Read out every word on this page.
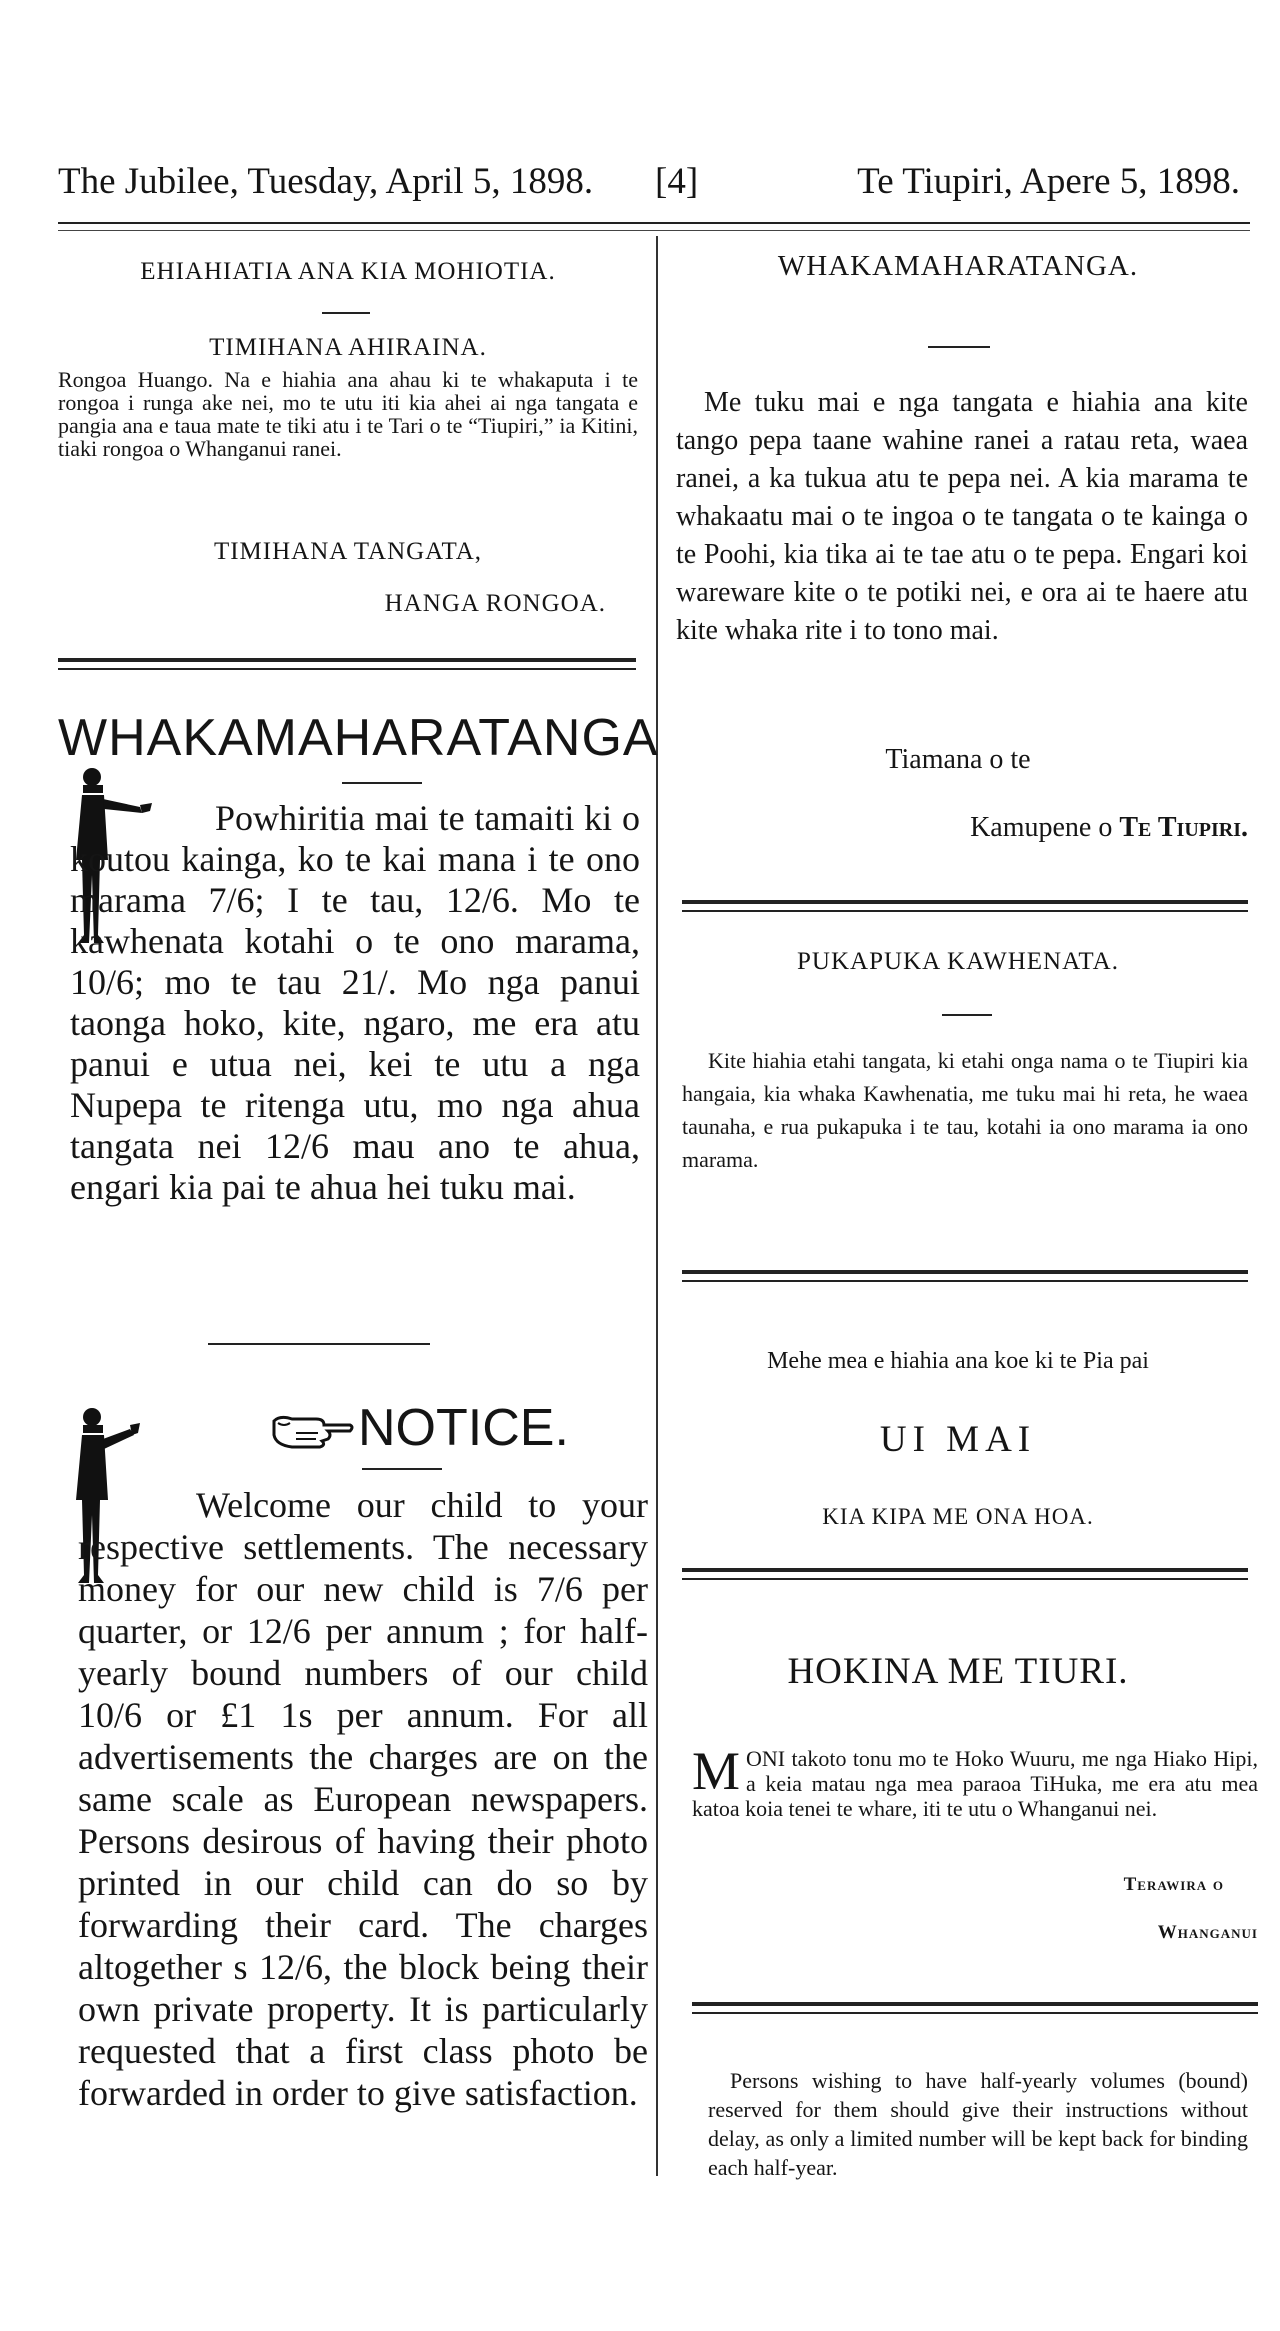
The Jubilee, Tuesday, April 5, 1898. [4]	Te Tiupiri, Apere 5, 1898.
EHIAHIATIA ANA KIA MOHIOTIA.
TIMIHANA AHIRAINA.
Rongoa Huango. Na e hiahia ana ahau ki te whakaputa i te rongoa i runga ake nei, mo te utu iti kia ahei ai nga tangata e pangia ana e taua mate te tiki atu i te Tari o te “Tiupiri,” ia Kitini, tiaki rongoa o Whanganui ranei.
TIMIHANA TANGATA,
HANGA RONGOA.
WHAKAMAHARATANGA
Powhiritia mai te tamaiti ki o koutou kainga, ko te kai mana i te ono marama 7/6; I te tau, 12/6. Mo te kawhenata kotahi o te ono marama, 10/6; mo te tau 21/. Mo nga panui taonga hoko, kite, ngaro, me era atu panui e utua nei, kei te utu a nga Nupepa te ritenga utu, mo nga ahua tangata nei 12/6 mau ano te ahua, engari kia pai te ahua hei tuku mai.
NOTICE.
Welcome our child to your respective settlements. The necessary money for our new child is 7/6 per quarter, or 12/6 per annum ; for half-yearly bound numbers of our child 10/6 or £1 1s per annum. For all advertisements the charges are on the same scale as European newspapers. Persons desirous of having their photo printed in our child can do so by forwarding their card. The charges altogether s 12/6, the block being their own private property. It is particularly requested that a first class photo be forwarded in order to give satisfaction.
WHAKAMAHARATANGA.
Me tuku mai e nga tangata e hiahia ana kite tango pepa taane wahine ranei a ratau reta, waea ranei, a ka tukua atu te pepa nei. A kia marama te whakaatu mai o te ingoa o te tangata o te kainga o te Poohi, kia tika ai te tae atu o te pepa. Engari koi wareware kite o te potiki nei, e ora ai te haere atu kite whaka rite i to tono mai.
Tiamana o te
Kamupene o Te Tiupiri.
PUKAPUKA KAWHENATA.
Kite hiahia etahi tangata, ki etahi onga nama o te Tiupiri kia hangaia, kia whaka Kawhenatia, me tuku mai hi reta, he waea taunaha, e rua pukapuka i te tau, kotahi ia ono marama ia ono marama.
Mehe mea e hiahia ana koe ki te Pia pai
UI MAI
KIA KIPA ME ONA HOA.
HOKINA ME TIURI.
MONI takoto tonu mo te Hoko Wuuru, me nga Hiako Hipi, a keia matau nga mea paraoa TiHuka, me era atu mea katoa koia tenei te whare, iti te utu o Whanganui nei.
Terawira o
Whanganui
Persons wishing to have half-yearly volumes (bound) reserved for them should give their instructions without delay, as only a limited number will be kept back for binding each half-year.
